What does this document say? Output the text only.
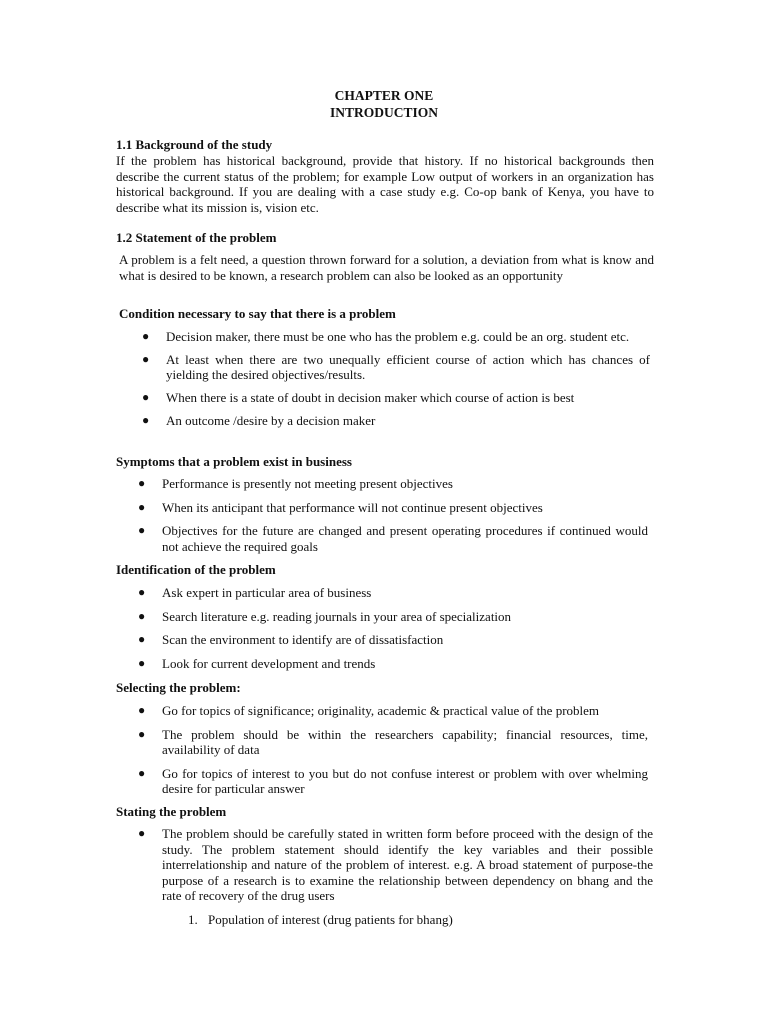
CHAPTER ONE

INTRODUCTION

1.1 Background of the study

If the problem has historical background, provide that history. If no historical backgrounds then describe the current status of the problem; for example Low output of workers in an organization has historical background. If you are dealing with a case study e.g. Co-op bank of Kenya, you have to describe what its mission is, vision etc.

1.2 Statement of the problem

A problem is a felt need, a question thrown forward for a solution, a deviation from what is know and what is desired to be known, a research problem can also be looked as an opportunity

Condition necessary to say that there is a problem

● Decision maker, there must be one who has the problem e.g. could be an org. student etc.
● At least when there are two unequally efficient course of action which has chances of yielding the desired objectives/results.
● When there is a state of doubt in decision maker which course of action is best
● An outcome /desire by a decision maker

Symptoms that a problem exist in business

● Performance is presently not meeting present objectives
● When its anticipant that performance will not continue present objectives
● Objectives for the future are changed and present operating procedures if continued would not achieve the required goals

Identification of the problem

● Ask expert in particular area of business
● Search literature e.g. reading journals in your area of specialization
● Scan the environment to identify are of dissatisfaction
● Look for current development and trends

Selecting the problem:

● Go for topics of significance; originality, academic & practical value of the problem
● The problem should be within the researchers capability; financial resources, time, availability of data
● Go for topics of interest to you but do not confuse interest or problem with over whelming desire for particular answer

Stating the problem

● The problem should be carefully stated in written form before proceed with the design of the study. The problem statement should identify the key variables and their possible interrelationship and nature of the problem of interest. e.g. A broad statement of purpose-the purpose of a research is to examine the relationship between dependency on bhang and the rate of recovery of the drug users
1. Population of interest (drug patients for bhang)
